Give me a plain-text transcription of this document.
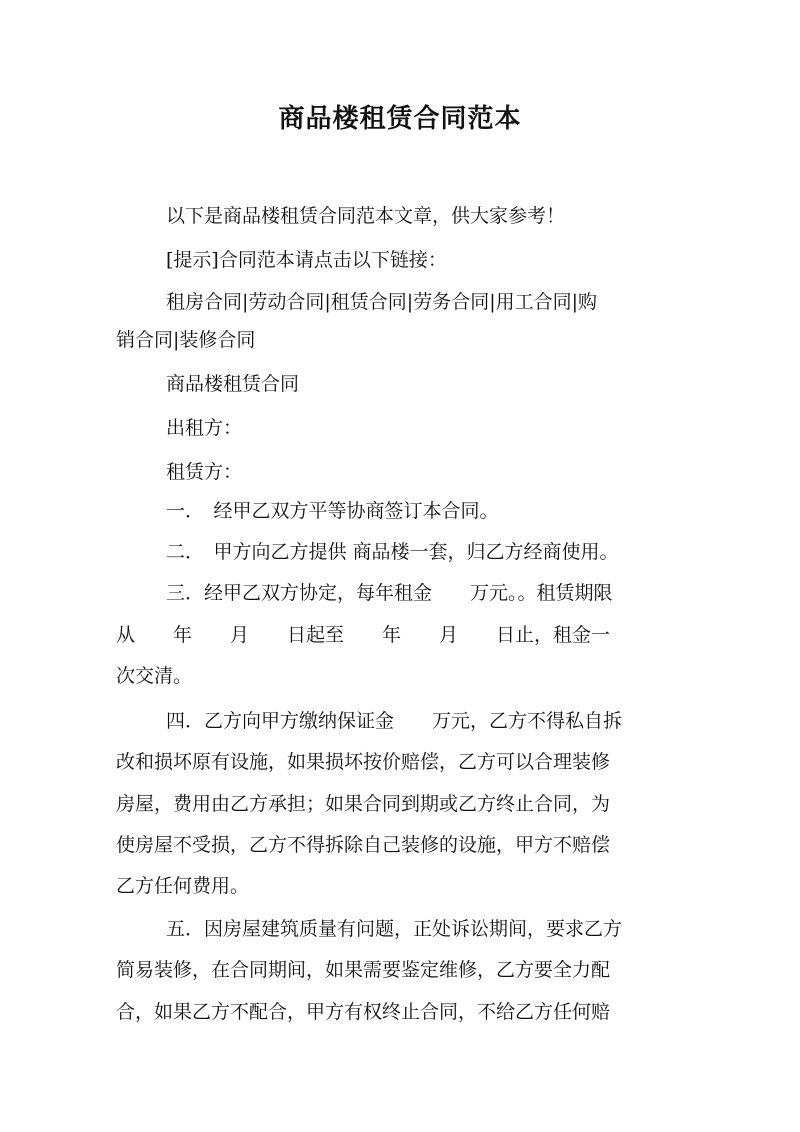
商品楼租赁合同范本
以下是商品楼租赁合同范本文章，供大家参考！
[提示]合同范本请点击以下链接：
租房合同|劳动合同|租赁合同|劳务合同|用工合同|购
销合同|装修合同
商品楼租赁合同
出租方：
租赁方：
一．　经甲乙双方平等协商签订本合同。
二．　甲方向乙方提供 商品楼一套，归乙方经商使用。
三．经甲乙双方协定，每年租金　　万元。。租赁期限
从　　年　　月　　日起至　　年　　月　　日止，租金一
次交清。
四．乙方向甲方缴纳保证金　　万元，乙方不得私自拆
改和损坏原有设施，如果损坏按价赔偿，乙方可以合理装修
房屋，费用由乙方承担；如果合同到期或乙方终止合同，为
使房屋不受损，乙方不得拆除自己装修的设施，甲方不赔偿
乙方任何费用。
五．因房屋建筑质量有问题，正处诉讼期间，要求乙方
简易装修，在合同期间，如果需要鉴定维修，乙方要全力配
合，如果乙方不配合，甲方有权终止合同，不给乙方任何赔
